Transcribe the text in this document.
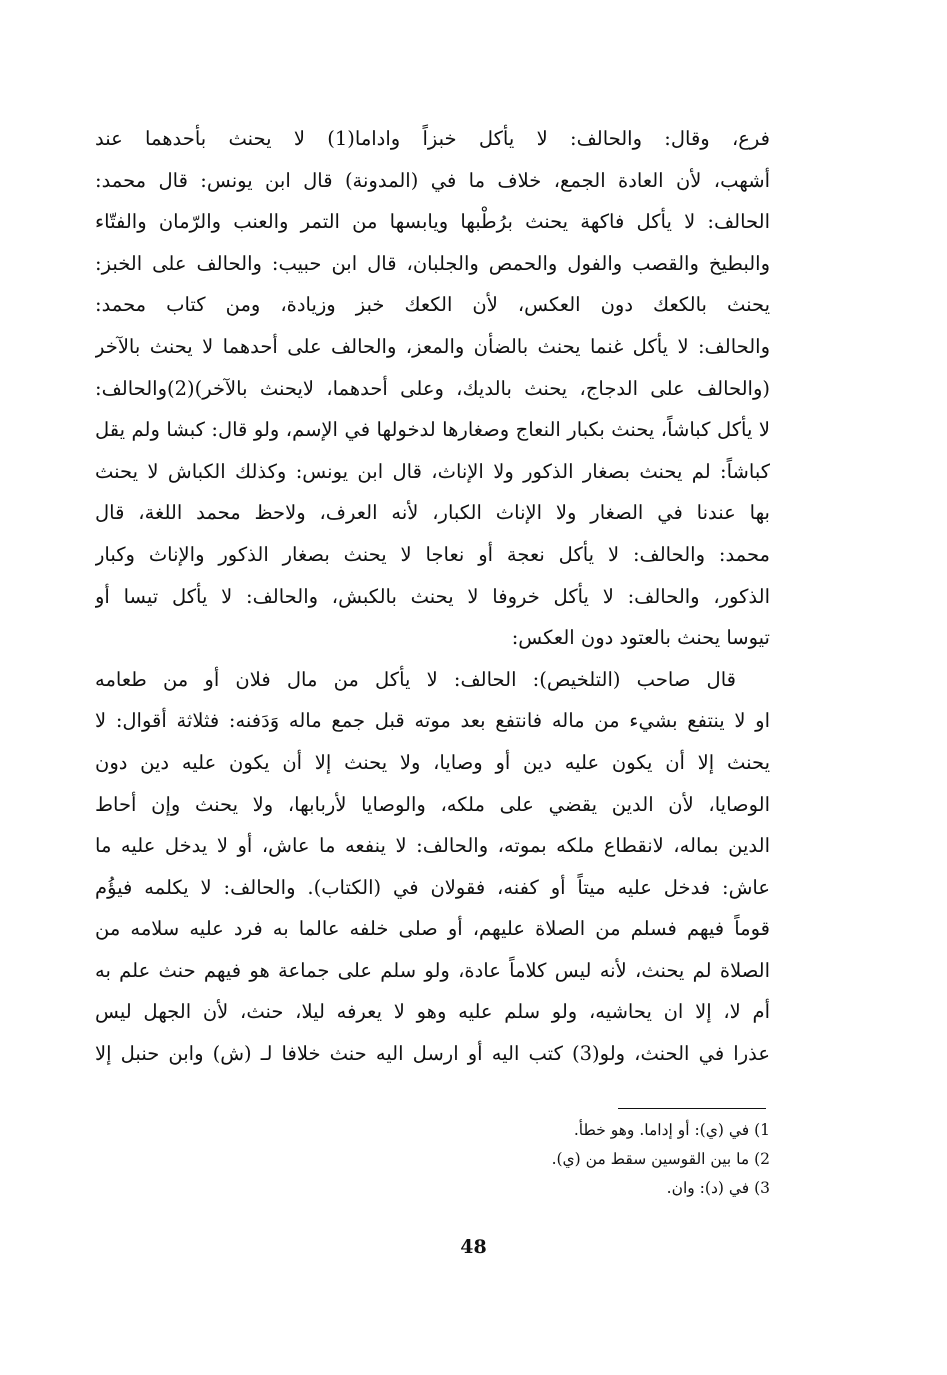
فرع، وقال: والحالف: لا يأكل خبزاً واداما(1) لا يحنث بأحدهما عند
أشهب، لأن العادة الجمع، خلاف ما في (المدونة) قال ابن يونس: قال محمد:
الحالف: لا يأكل فاكهة يحنث برُطْبها ويابسها من التمر والعنب والرّمان والفتّاء
والبطيخ والقصب والفول والحمص والجلبان، قال ابن حبيب: والحالف على الخبز:
يحنث بالكعك دون العكس، لأن الكعك خبز وزيادة، ومن كتاب محمد:
والحالف: لا يأكل غنما يحنث بالضأن والمعز، والحالف على أحدهما لا يحنث بالآخر
(والحالف على الدجاج، يحنث بالديك، وعلى أحدهما، لايحنث بالآخر)(2)والحالف:
لا يأكل كباشاً، يحنث بكبار النعاج وصغارها لدخولها في الإسم، ولو قال: كبشا ولم يقل
كباشاً: لم يحنث بصغار الذكور ولا الإناث، قال ابن يونس: وكذلك الكباش لا يحنث
بها عندنا في الصغار ولا الإناث الكبار، لأنه العرف، ولاحظ محمد اللغة، قال
محمد: والحالف: لا يأكل نعجة أو نعاجا لا يحنث بصغار الذكور والإناث وكبار
الذكور، والحالف: لا يأكل خروفا لا يحنث بالكبش، والحالف: لا يأكل تيسا أو
تيوسا يحنث بالعتود دون العكس:
قال صاحب (التلخيص): الحالف: لا يأكل من مال فلان أو من طعامه
او لا ينتفع بشيء من ماله فانتفع بعد موته قبل جمع ماله وَدَفنه: فثلاثة أقوال: لا
يحنث إلا أن يكون عليه دين أو وصايا، ولا يحنث إلا أن يكون عليه دين دون
الوصايا، لأن الدين يقضي على ملكه، والوصايا لأربابها، ولا يحنث وإن أحاط
الدين بماله، لانقطاع ملكه بموته، والحالف: لا ينفعه ما عاش، أو لا يدخل عليه ما
عاش: فدخل عليه ميتاً أو كفنه، فقولان في (الكتاب). والحالف: لا يكلمه فيؤُم
قوماً فيهم فسلم من الصلاة عليهم، أو صلى خلفه عالما به فرد عليه سلامه من
الصلاة لم يحنث، لأنه ليس كلاماً عادة، ولو سلم على جماعة هو فيهم حنث علم به
أم لا، إلا ان يحاشيه، ولو سلم عليه وهو لا يعرفه ليلا، حنث، لأن الجهل ليس
عذرا في الحنث، ولو(3) كتب اليه أو ارسل اليه حنث خلافا لـ (ش) وابن حنبل إلا
1) في (ي): أو إداما. وهو خطأ.
2) ما بين القوسين سقط من (ي).
3) في (د): وان.
48
